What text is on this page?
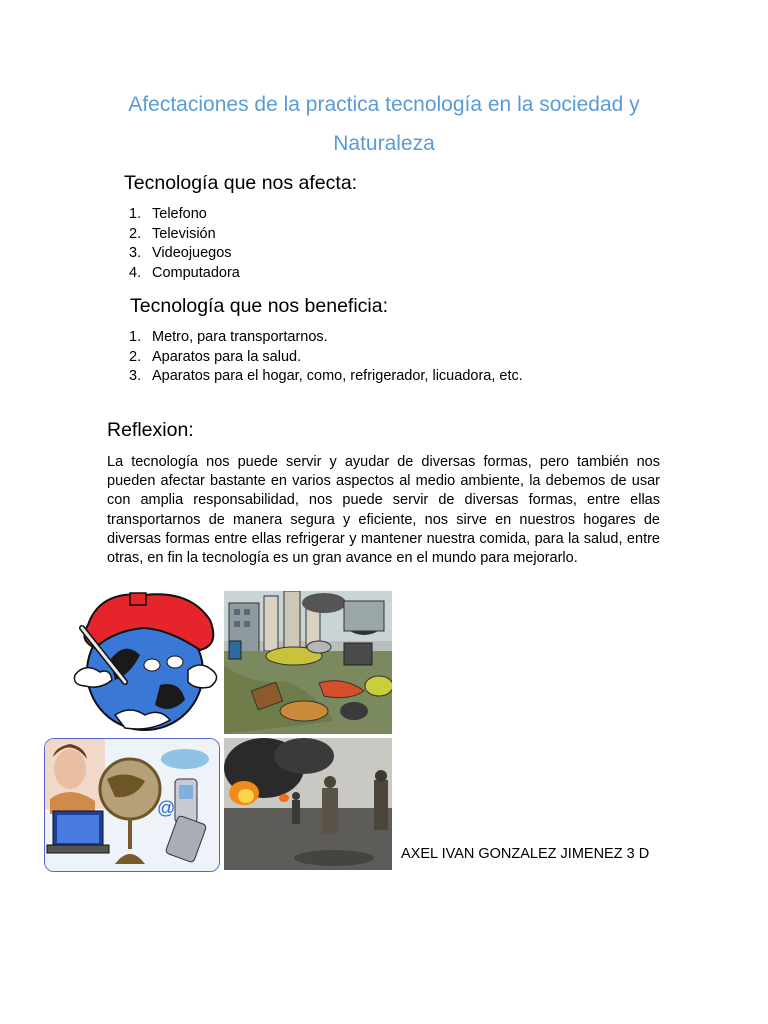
Afectaciones de la practica tecnología en la sociedad y
Naturaleza
Tecnología que nos afecta:
1. Telefono
2. Televisión
3. Videojuegos
4. Computadora
Tecnología que nos beneficia:
1. Metro, para transportarnos.
2. Aparatos para la salud.
3. Aparatos para el hogar, como, refrigerador, licuadora, etc.
Reflexion:

La tecnología nos puede servir y ayudar de diversas formas, pero también nos pueden afectar bastante en varios aspectos al medio ambiente, la debemos de usar con amplia responsabilidad, nos puede servir de diversas formas, entre ellas transportarnos de manera segura y eficiente, nos sirve en nuestros hogares de diversas formas entre ellas refrigerar y mantener nuestra comida, para la salud, entre otras, en fin la tecnología es un gran avance en el mundo para mejorarlo.

@
AXEL IVAN GONZALEZ JIMENEZ 3 D
